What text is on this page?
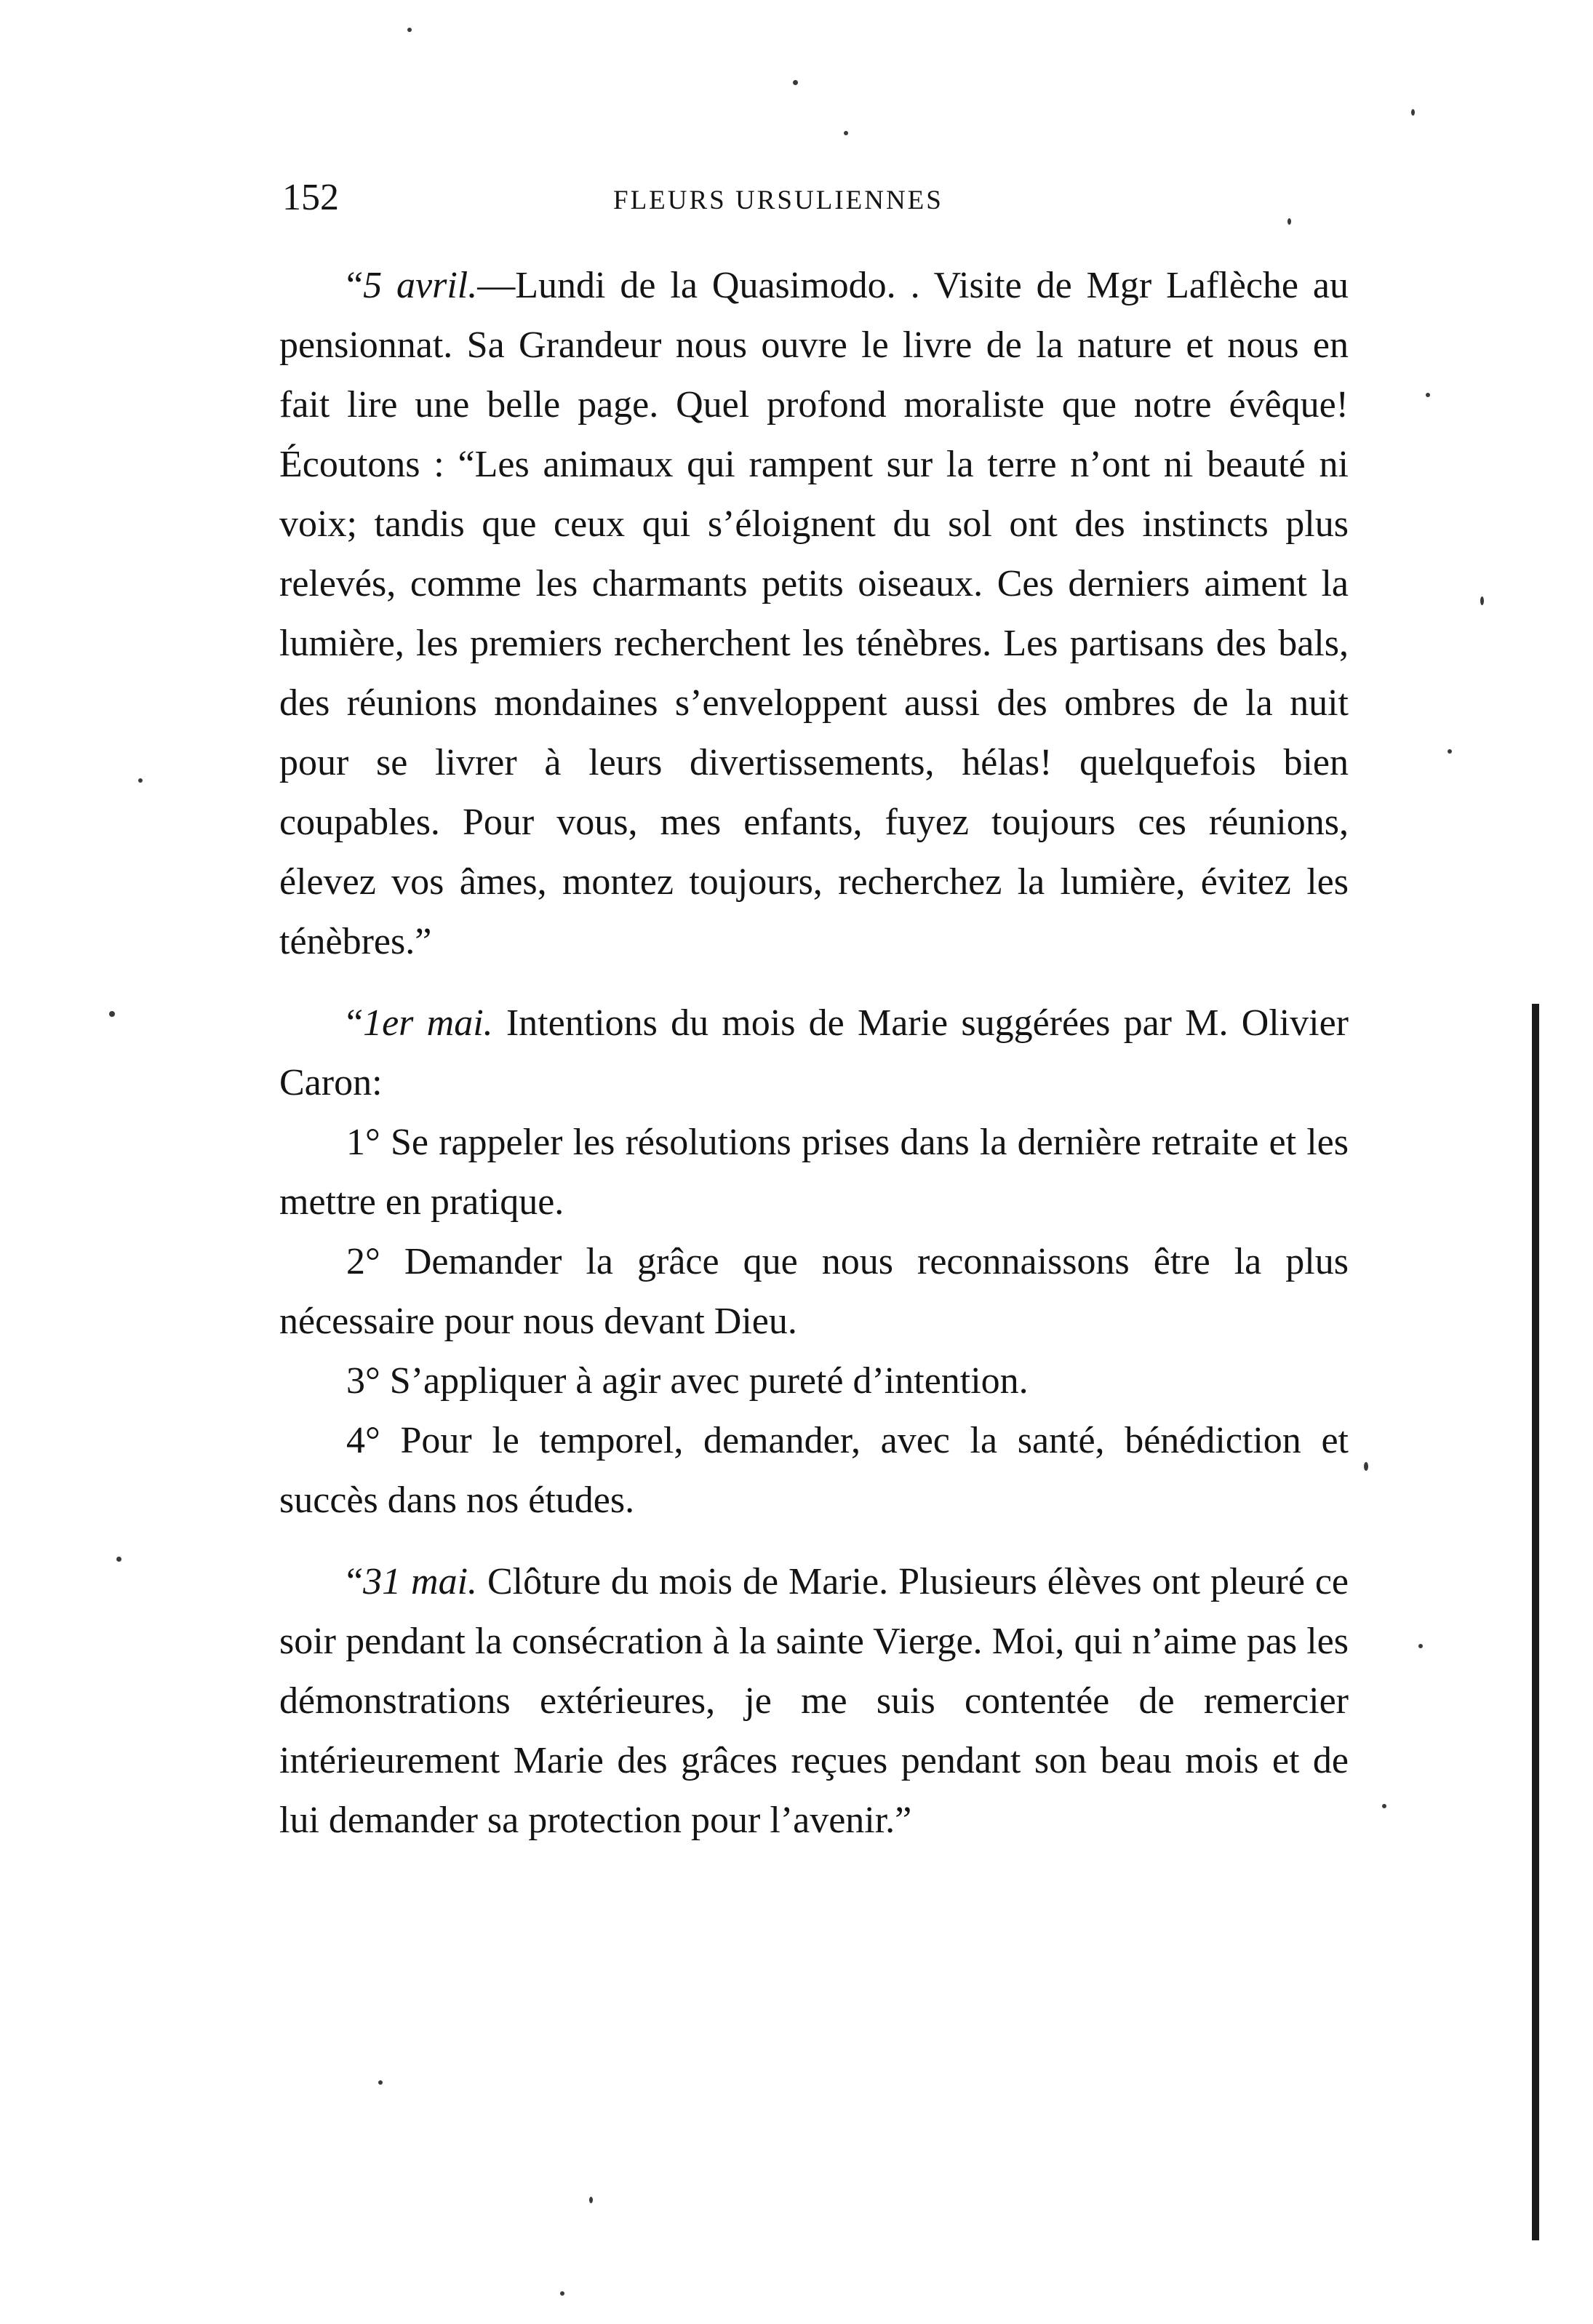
152	FLEURS URSULIENNES

“5 avril.—Lundi de la Quasimodo. . Visite de Mgr Laflèche au pensionnat. Sa Grandeur nous ouvre le livre de la nature et nous en fait lire une belle page. Quel profond moraliste que notre évêque! Écoutons : “Les animaux qui rampent sur la terre n’ont ni beauté ni voix; tandis que ceux qui s’éloignent du sol ont des instincts plus relevés, comme les charmants petits oiseaux. Ces derniers aiment la lumière, les premiers recherchent les ténèbres. Les partisans des bals, des réunions mondaines s’enveloppent aussi des ombres de la nuit pour se livrer à leurs divertissements, hélas! quelquefois bien coupables. Pour vous, mes enfants, fuyez toujours ces réunions, élevez vos âmes, montez toujours, recherchez la lumière, évitez les ténèbres.”

“1er mai. Intentions du mois de Marie suggérées par M. Olivier Caron:

1° Se rappeler les résolutions prises dans la dernière retraite et les mettre en pratique.

2° Demander la grâce que nous reconnaissons être la plus nécessaire pour nous devant Dieu.

3° S’appliquer à agir avec pureté d’intention.

4° Pour le temporel, demander, avec la santé, bénédiction et succès dans nos études.

“31 mai. Clôture du mois de Marie. Plusieurs élèves ont pleuré ce soir pendant la consécration à la sainte Vierge. Moi, qui n’aime pas les démonstrations extérieures, je me suis contentée de remercier intérieurement Marie des grâces reçues pendant son beau mois et de lui demander sa protection pour l’avenir.”
